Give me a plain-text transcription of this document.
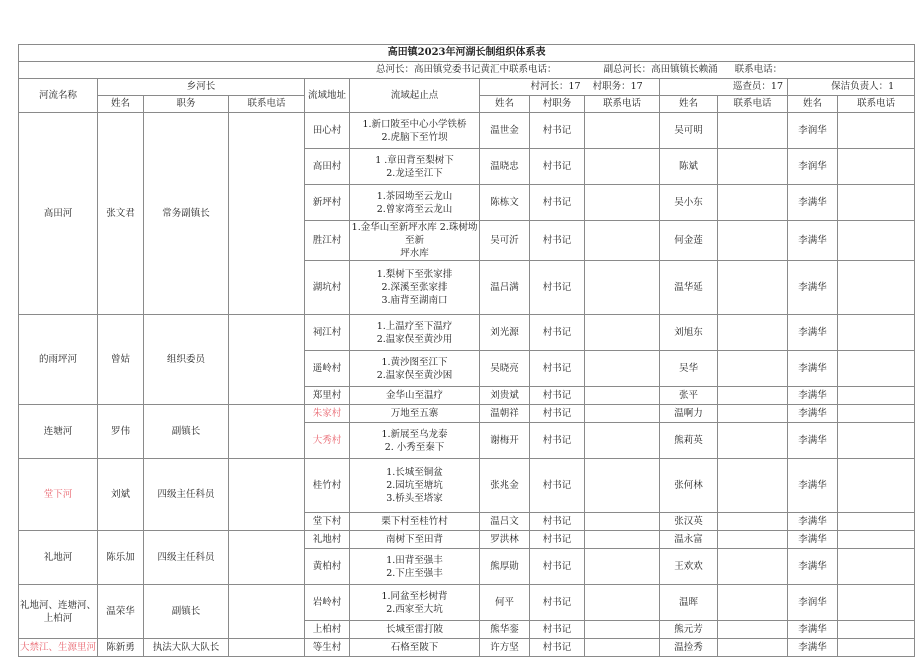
高田镇2023年河湖长制组织体系表												
总河长：高田镇党委书记黄汇中联系电话： 副总河长：高田镇镇长赖涌 联系电话：												
河流名称	乡河长			流域地址	流域起止点		村河长：17 村职务：17		巡查员：17		保洁负责人：1	
	姓名	职务	联系电话			姓名	村职务	联系电话	姓名	联系电话	姓名	联系电话
高田河	张文君	常务副镇长		田心村	1.新口陂至中心小学铁桥
2.虎脑下至竹坝	温世金	村书记		吴可明		李润华	
				高田村	1 .章田背至梨树下
2.龙迳至江下	温晓忠	村书记		陈斌		李润华	
				新坪村	1.茶园坳至云龙山
2.曾家湾至云龙山	陈栋文	村书记		吴小东		李满华	
				胜江村	1.金华山至新坪水库 2.珠树坳至新
坪水库	吴可沂	村书记		何金莲		李满华	
				湖坑村	1.梨树下至张家排
2.深溪至张家排
3.庙背至湖南口	温吕满	村书记		温华延		李满华	
的雨坪河	曾姑	组织委员		祠江村	1.上温疗至下温疗
2.温家俣至黄沙用	刘光源	村书记		刘旭东		李满华	
				遥岭村	1.黄沙图至江下
2.温家俣至黄沙困	吴晓亮	村书记		吴华		李满华	
				郑里村	金华山至温疗	刘贵斌	村书记		张平		李满华	
连塘河	罗伟	副镇长		朱家村	万地至五寨	温朝祥	村书记		温啊力		李满华	
				大秀村	1.新展至乌龙泰
2. 小秀至秦下	谢梅开	村书记		熊莉英		李满华	
堂下河	刘斌	四级主任科员		桂竹村	1.长城至铜盆
2.园坑至塘坑
3.桥头至塔家	张兆金	村书记		张何林		李满华	
				堂下村	栗下村至桂竹村	温吕文	村书记		张汉英		李满华	
礼地河	陈乐加	四级主任科员		礼地村	南树下至田背	罗洪林	村书记		温永富		李满华	
				黄柏村	1.田背至强丰
2.下庄至强丰	熊厚勋	村书记		王欢欢		李满华	

礼地河、连塘河、
上柏河	温荣华	副镇长		岩岭村	1.同盆至杉树背
2.西家至大坑	何平	村书记		温晖		李润华	
				上柏村	长城至雷打陂	熊华銮	村书记		熊元芳		李满华	
大禁江、生源里河	陈新勇	执法大队大队长		等生村	石格至陂下	许方坚	村书记		温捡秀		李满华	
